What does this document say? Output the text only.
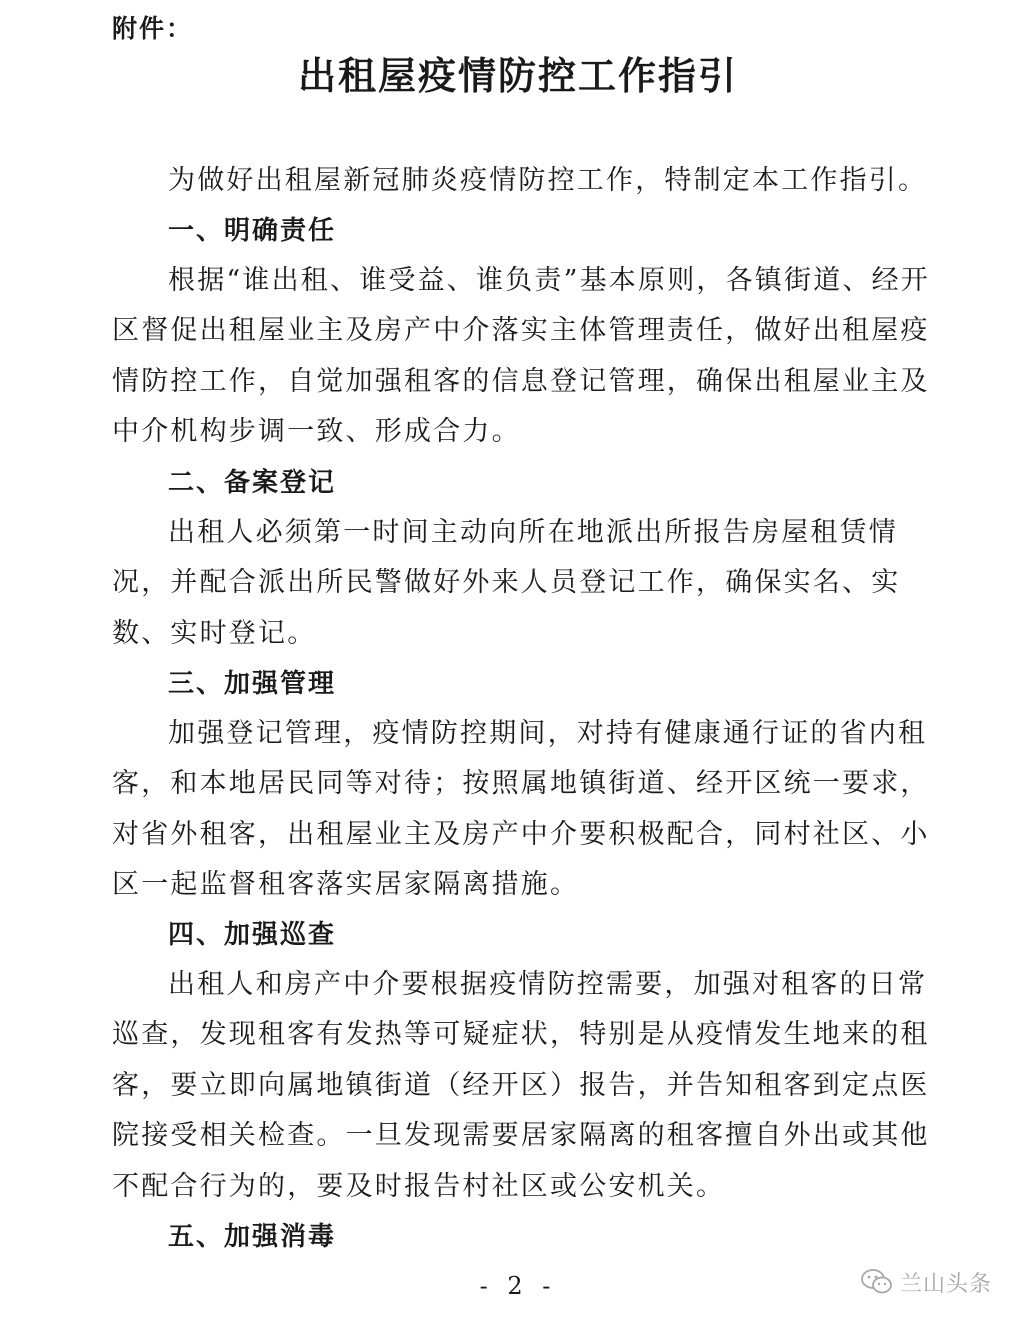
附件：
出租屋疫情防控工作指引

为做好出租屋新冠肺炎疫情防控工作，特制定本工作指引。

一、明确责任

根据“谁出租、谁受益、谁负责”基本原则，各镇街道、经开区督促出租屋业主及房产中介落实主体管理责任，做好出租屋疫情防控工作，自觉加强租客的信息登记管理，确保出租屋业主及中介机构步调一致、形成合力。

二、备案登记

出租人必须第一时间主动向所在地派出所报告房屋租赁情况，并配合派出所民警做好外来人员登记工作，确保实名、实数、实时登记。

三、加强管理

加强登记管理，疫情防控期间，对持有健康通行证的省内租客，和本地居民同等对待；按照属地镇街道、经开区统一要求，对省外租客，出租屋业主及房产中介要积极配合，同村社区、小区一起监督租客落实居家隔离措施。

四、加强巡查

出租人和房产中介要根据疫情防控需要，加强对租客的日常巡查，发现租客有发热等可疑症状，特别是从疫情发生地来的租客，要立即向属地镇街道（经开区）报告，并告知租客到定点医院接受相关检查。一旦发现需要居家隔离的租客擅自外出或其他不配合行为的，要及时报告村社区或公安机关。

五、加强消毒
- 2 -	兰山头条
